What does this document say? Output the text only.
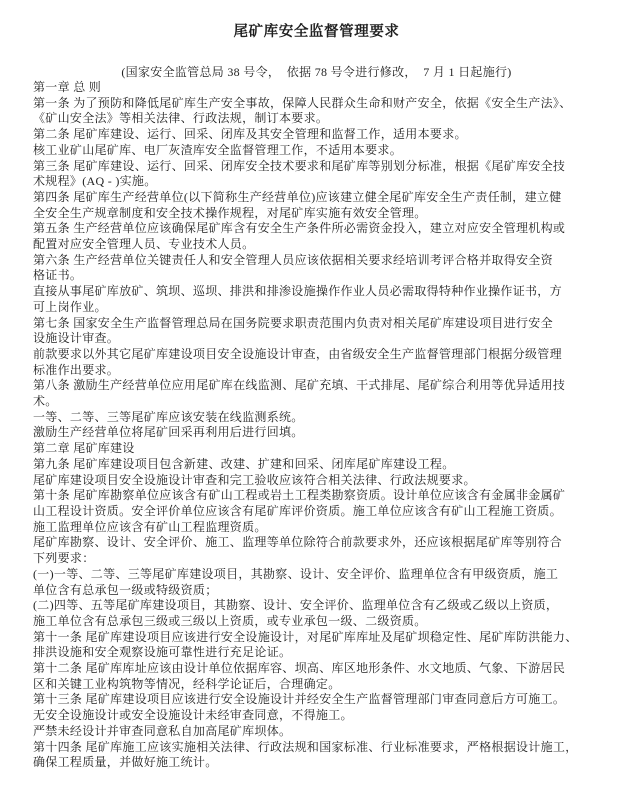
尾矿库安全监督管理要求

(国家安全监管总局 38 号令，  依据 78 号令进行修改，  7 月 1 日起施行)

第一章 总 则
第一条 为了预防和降低尾矿库生产安全事故，保障人民群众生命和财产安全，依据《安全生产法》、
《矿山安全法》等相关法律、行政法规，制订本要求。
第二条 尾矿库建设、运行、回采、闭库及其安全管理和监督工作，适用本要求。
核工业矿山尾矿库、电厂灰渣库安全监督管理工作，不适用本要求。
第三条 尾矿库建设、运行、回采、闭库安全技术要求和尾矿库等别划分标准，根据《尾矿库安全技
术规程》(AQ - )实施。
第四条 尾矿库生产经营单位(以下简称生产经营单位)应该建立健全尾矿库安全生产责任制，建立健
全安全生产规章制度和安全技术操作规程，对尾矿库实施有效安全管理。
第五条 生产经营单位应该确保尾矿库含有安全生产条件所必需资金投入，建立对应安全管理机构或
配置对应安全管理人员、专业技术人员。
第六条 生产经营单位关键责任人和安全管理人员应该依据相关要求经培训考评合格并取得安全资
格证书。
直接从事尾矿库放矿、筑坝、巡坝、排洪和排渗设施操作作业人员必需取得特种作业操作证书，方
可上岗作业。
第七条 国家安全生产监督管理总局在国务院要求职责范围内负责对相关尾矿库建设项目进行安全
设施设计审查。
前款要求以外其它尾矿库建设项目安全设施设计审查，由省级安全生产监督管理部门根据分级管理
标准作出要求。
第八条 激励生产经营单位应用尾矿库在线监测、尾矿充填、干式排尾、尾矿综合利用等优异适用技
术。
一等、二等、三等尾矿库应该安装在线监测系统。
激励生产经营单位将尾矿回采再利用后进行回填。
第二章 尾矿库建设
第九条 尾矿库建设项目包含新建、改建、扩建和回采、闭库尾矿库建设工程。
尾矿库建设项目安全设施设计审查和完工验收应该符合相关法律、行政法规要求。
第十条 尾矿库勘察单位应该含有矿山工程或岩土工程类勘察资质。设计单位应该含有金属非金属矿
山工程设计资质。安全评价单位应该含有尾矿库评价资质。施工单位应该含有矿山工程施工资质。
施工监理单位应该含有矿山工程监理资质。
尾矿库勘察、设计、安全评价、施工、监理等单位除符合前款要求外，还应该根据尾矿库等别符合
下列要求：
(一)一等、二等、三等尾矿库建设项目，其勘察、设计、安全评价、监理单位含有甲级资质，施工
单位含有总承包一级或特级资质；
(二)四等、五等尾矿库建设项目，其勘察、设计、安全评价、监理单位含有乙级或乙级以上资质，
施工单位含有总承包三级或三级以上资质，或专业承包一级、二级资质。
第十一条 尾矿库建设项目应该进行安全设施设计，对尾矿库库址及尾矿坝稳定性、尾矿库防洪能力、
排洪设施和安全观察设施可靠性进行充足论证。
第十二条 尾矿库库址应该由设计单位依据库容、坝高、库区地形条件、水文地质、气象、下游居民
区和关键工业构筑物等情况，经科学论证后，合理确定。
第十三条 尾矿库建设项目应该进行安全设施设计并经安全生产监督管理部门审查同意后方可施工。
无安全设施设计或安全设施设计未经审查同意，不得施工。
严禁未经设计并审查同意私自加高尾矿库坝体。
第十四条 尾矿库施工应该实施相关法律、行政法规和国家标准、行业标准要求，严格根据设计施工，
确保工程质量，并做好施工统计。
